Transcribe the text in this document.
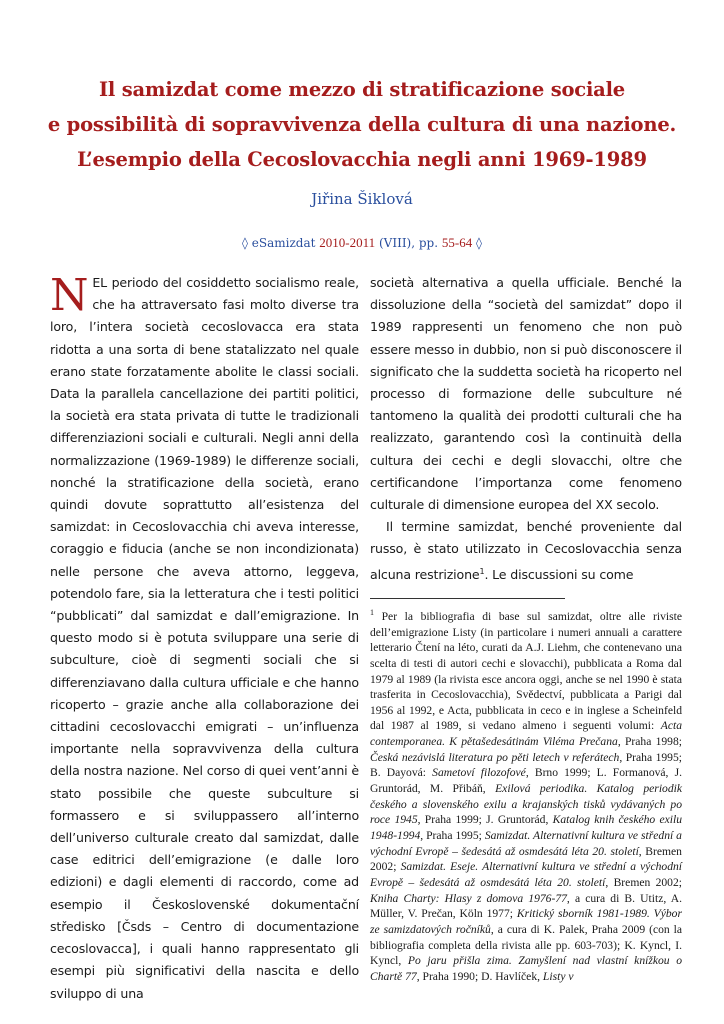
Il samizdat come mezzo di stratificazione sociale
e possibilità di sopravvivenza della cultura di una nazione.
L’esempio della Cecoslovacchia negli anni 1969-1989
Jiřina Šiklová
◊ eSamizdat 2010-2011 (VIII), pp. 55-64 ◊

NEL periodo del cosiddetto socialismo reale, che ha attraversato fasi molto diverse tra loro, l’intera società cecoslovacca era stata ridotta a una sorta di bene statalizzato nel quale erano state forzatamente abolite le classi sociali. Data la parallela cancellazione dei partiti politici, la società era stata privata di tutte le tradizionali differenziazioni sociali e culturali. Negli anni della normalizzazione (1969-1989) le differenze sociali, nonché la stratificazione della società, erano quindi dovute soprattutto all’esistenza del samizdat: in Cecoslovacchia chi aveva interesse, coraggio e fiducia (anche se non incondizionata) nelle persone che aveva attorno, leggeva, potendolo fare, sia la letteratura che i testi politici “pubblicati” dal samizdat e dall’emigrazione. In questo modo si è potuta sviluppare una serie di subculture, cioè di segmenti sociali che si differenziavano dalla cultura ufficiale e che hanno ricoperto – grazie anche alla collaborazione dei cittadini cecoslovacchi emigrati – un’influenza importante nella sopravvivenza della cultura della nostra nazione. Nel corso di quei vent’anni è stato possibile che queste subculture si formassero e si sviluppassero all’interno dell’universo culturale creato dal samizdat, dalle case editrici dell’emigrazione (e dalle loro edizioni) e dagli elementi di raccordo, come ad esempio il Československé dokumentační středisko [Čsds – Centro di documentazione cecoslovacca], i quali hanno rappresentato gli esempi più significativi della nascita e dello sviluppo di una

società alternativa a quella ufficiale. Benché la dissoluzione della “società del samizdat” dopo il 1989 rappresenti un fenomeno che non può essere messo in dubbio, non si può disconoscere il significato che la suddetta società ha ricoperto nel processo di formazione delle subculture né tantomeno la qualità dei prodotti culturali che ha realizzato, garantendo così la continuità della cultura dei cechi e degli slovacchi, oltre che certificandone l’importanza come fenomeno culturale di dimensione europea del XX secolo.

Il termine samizdat, benché proveniente dal russo, è stato utilizzato in Cecoslovacchia senza alcuna restrizione$^1$. Le discussioni su come

$^1$ Per la bibliografia di base sul samizdat, oltre alle riviste dell’emigrazione Listy (in particolare i numeri annuali a carattere letterario Čtení na léto, curati da A.J. Liehm, che contenevano una scelta di testi di autori cechi e slovacchi), pubblicata a Roma dal 1979 al 1989 (la rivista esce ancora oggi, anche se nel 1990 è stata trasferita in Cecoslovacchia), Svědectví, pubblicata a Parigi dal 1956 al 1992, e Acta, pubblicata in ceco e in inglese a Scheinfeld dal 1987 al 1989, si vedano almeno i seguenti volumi: Acta contemporanea. K pětašedesátinám Viléma Prečana, Praha 1998; Česká nezávislá literatura po pěti letech v referátech, Praha 1995; B. Dayová: Sametoví filozofové, Brno 1999; L. Formanová, J. Gruntorád, M. Přibáň, Exilová periodika. Katalog periodik českého a slovenského exilu a krajanských tisků vydávaných po roce 1945, Praha 1999; J. Gruntorád, Katalog knih českého exilu 1948-1994, Praha 1995; Samizdat. Alternativní kultura ve střední a východní Evropě – šedesátá až osmdesátá léta 20. století, Bremen 2002; Samizdat. Eseje. Alternativní kultura ve střední a východní Evropě – šedesátá až osmdesátá léta 20. století, Bremen 2002; Kniha Charty: Hlasy z domova 1976-77, a cura di B. Utitz, A. Müller, V. Prečan, Köln 1977; Kritický sborník 1981-1989. Výbor ze samizdatových ročníků, a cura di K. Palek, Praha 2009 (con la bibliografia completa della rivista alle pp. 603-703); K. Kyncl, I. Kyncl, Po jaru přišla zima. Zamyšlení nad vlastní knížkou o Chartě 77, Praha 1990; D. Havlíček, Listy v
